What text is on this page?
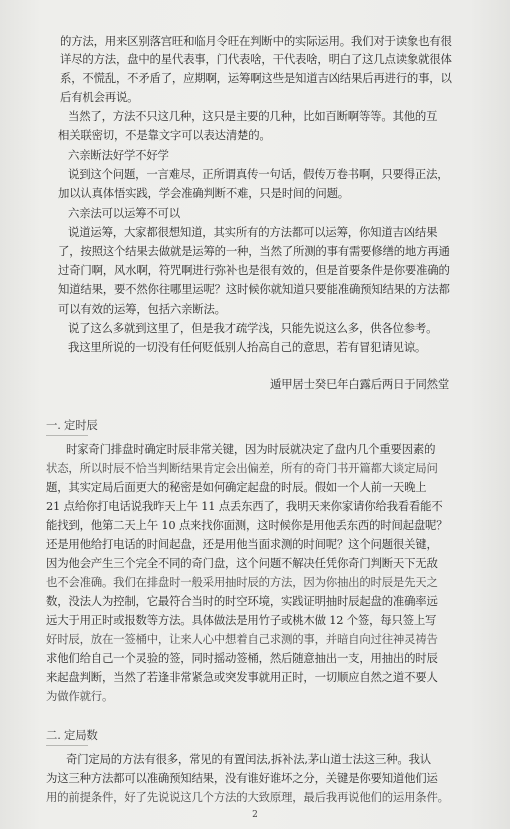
的方法，用来区别落宫旺和临月令旺在判断中的实际运用。我们对于读象也有很
详尽的方法，盘中的星代表事，门代表啥，干代表啥，明白了这几点读象就很体
系，不慌乱，不矛盾了，应期啊，运筹啊这些是知道吉凶结果后再进行的事，以
后有机会再说。
当然了，方法不只这几种，这只是主要的几种，比如百断啊等等。其他的互
相关联密切，不是靠文字可以表达清楚的。
六亲断法好学不好学
说到这个问题，一言难尽，正所谓真传一句话，假传万卷书啊，只要得正法，
加以认真体悟实践，学会准确判断不难，只是时间的问题。
六亲法可以运筹不可以
说道运筹，大家都很想知道，其实所有的方法都可以运筹，你知道吉凶结果
了，按照这个结果去做就是运筹的一种，当然了所测的事有需要修缮的地方再通
过奇门啊，风水啊，符咒啊进行弥补也是很有效的，但是首要条件是你要准确的
知道结果，要不然你往哪里运呢？这时候你就知道只要能准确预知结果的方法都
可以有效的运筹，包括六亲断法。
说了这么多就到这里了，但是我才疏学浅，只能先说这么多，供各位参考。
我这里所说的一切没有任何贬低别人抬高自己的意思，若有冒犯请见谅。
遁甲居士癸巳年白露后两日于同然堂
一. 定时辰
时家奇门排盘时确定时辰非常关键，因为时辰就决定了盘内几个重要因素的
状态，所以时辰不恰当判断结果肯定会出偏差，所有的奇门书开篇都大谈定局问
题，其实定局后面更大的秘密是如何确定起盘的时辰。假如一个人前一天晚上
21 点给你打电话说我昨天上午 11 点丢东西了，我明天来你家请你给我看看能不
能找到，他第二天上午 10 点来找你面测，这时候你是用他丢东西的时间起盘呢？
还是用他给打电话的时间起盘，还是用他当面求测的时间呢？这个问题很关键，
因为他会产生三个完全不同的奇门盘，这个问题不解决任凭你奇门判断天下无敌
也不会准确。我们在排盘时一般采用抽时辰的方法，因为你抽出的时辰是先天之
数，没法人为控制，它最符合当时的时空环境，实践证明抽时辰起盘的准确率远
远大于用正时或报数等方法。具体做法是用竹子或桃木做 12 个签，每只签上写
好时辰，放在一签桶中，让来人心中想着自己求测的事，并暗自向过往神灵祷告
求他们给自己一个灵验的签，同时摇动签桶，然后随意抽出一支，用抽出的时辰
来起盘判断，当然了若逢非常紧急或突发事就用正时，一切顺应自然之道不要人
为做作就行。
二. 定局数
奇门定局的方法有很多，常见的有置闰法,拆补法,茅山道士法这三种。我认
为这三种方法都可以准确预知结果，没有谁好谁坏之分，关键是你要知道他们运
用的前提条件，好了先说说这几个方法的大致原理，最后我再说他们的运用条件。
2
